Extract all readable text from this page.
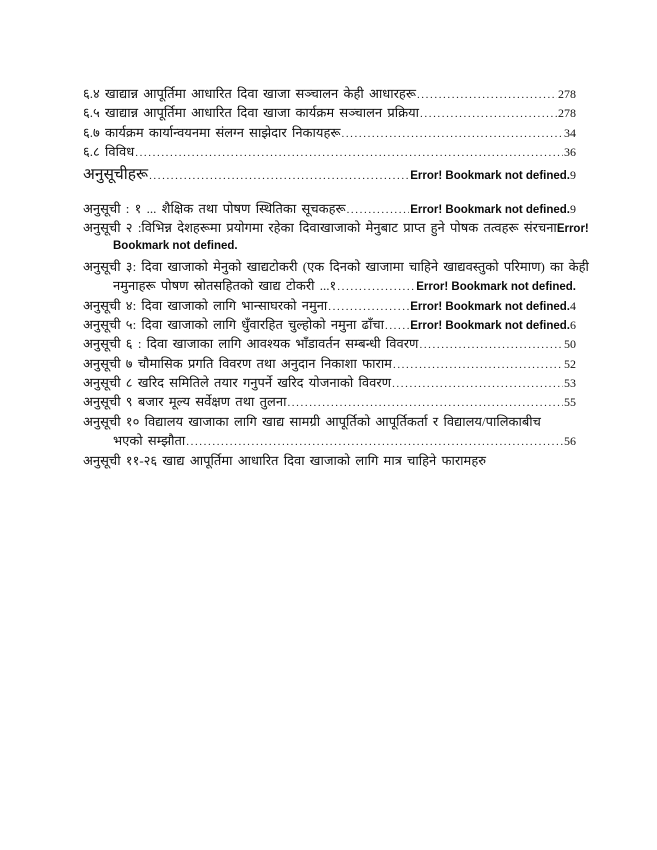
६.४ खाद्यान्न आपूर्तिमा आधारित दिवा खाजा सञ्चालन केही आधारहरू .....	278
६.५ खाद्यान्न आपूर्तिमा आधारित दिवा खाजा कार्यक्रम सञ्चालन प्रक्रिया .....	278
६.७ कार्यक्रम कार्यान्वयनमा संलग्न साझेदार निकायहरू .....	34
६.८ विविध .....	36
अनुसूचीहरू .....	Error! Bookmark not defined. 9
अनुसूची : १ ... शैक्षिक तथा पोषण स्थितिका सूचकहरू .....	Error! Bookmark not defined. 9
अनुसूची २ :विभिन्न देशहरूमा प्रयोगमा रहेका दिवाखाजाको मेनुबाट प्राप्त हुने पोषक तत्वहरू संरचना Error!
Bookmark not defined.
अनुसूची ३: दिवा खाजाको मेनुको खाद्यटोकरी (एक दिनको खाजामा चाहिने खाद्यवस्तुको परिमाण) का केही
नमुनाहरू पोषण स्रोतसहितको खाद्य टोकरी ...१ .....	Error! Bookmark not defined.
अनुसूची ४: दिवा खाजाको लागि भान्साघरको नमुना .....	Error! Bookmark not defined. 4
अनुसूची ५: दिवा खाजाको लागि धुँवारहित चुल्होको नमुना ढाँचा ..... Error! Bookmark not defined. 6
अनुसूची ६ : दिवा खाजाका लागि आवश्यक भाँडावर्तन सम्बन्धी विवरण .....	50
अनुसूची ७ चौमासिक प्रगति विवरण तथा अनुदान निकाशा फाराम .....	52
अनुसूची ८ खरिद समितिले तयार गनुपर्ने खरिद योजनाको विवरण .....	53
अनुसूची ९ बजार मूल्य सर्वेक्षण तथा तुलना .....	55
अनुसूची १० विद्यालय खाजाका लागि खाद्य सामग्री आपूर्तिको आपूर्तिकर्ता र विद्यालय/पालिकाबीच
भएको सम्झौता .....	56
अनुसूची ११-२६ खाद्य आपूर्तिमा आधारित दिवा खाजाको लागि मात्र चाहिने फारामहरु
